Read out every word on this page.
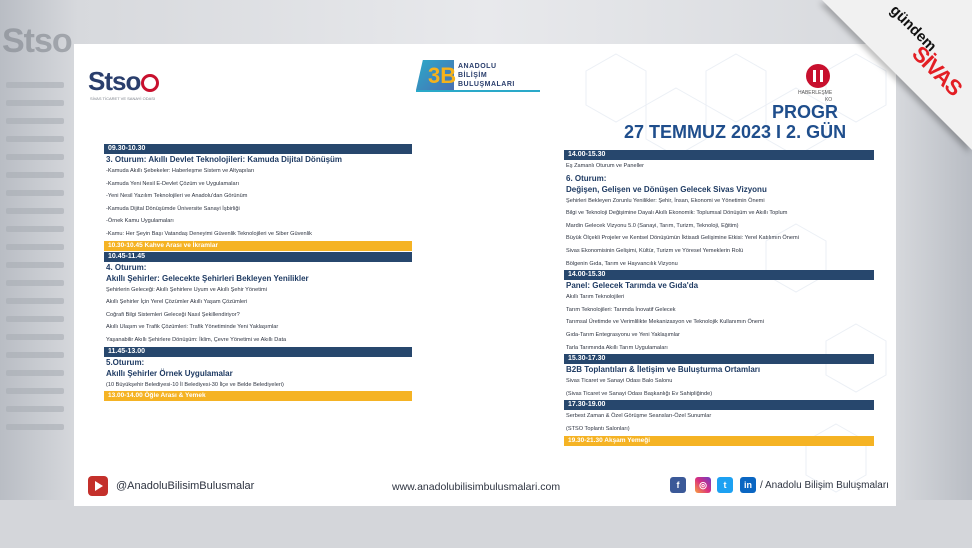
Stso
Stso
SİVAS TİCARET VE SANAYİ ODASI
3B ANADOLU
BİLİŞİM
BULUŞMALARI
HABERLEŞME
KO
PROGR
27 TEMMUZ 2023 I 2. GÜN
09.30-10.30
3. Oturum: Akıllı Devlet Teknolojileri: Kamuda Dijital Dönüşüm
-Kamuda Akıllı Şebekeler: Haberleşme Sistem ve Altyapıları
-Kamuda Yeni Nesil E-Devlet Çözüm ve Uygulamaları
-Yeni Nesil Yazılım Teknolojileri ve Anadolu'dan Görünüm
-Kamuda Dijital Dönüşümde Üniversite Sanayi İşbirliği
-Örnek Kamu Uygulamaları
-Kamu: Her Şeyin Başı Vatandaş Deneyimi Güvenlik Teknolojileri ve Siber Güvenlik
10.30-10.45 Kahve Arası ve İkramlar
10.45-11.45
4. Oturum:
Akıllı Şehirler: Gelecekte Şehirleri Bekleyen Yenilikler
Şehirlerin Geleceği: Akıllı Şehirlere Uyum ve Akıllı Şehir Yönetimi
Akıllı Şehirler İçin Yerel Çözümler Akıllı Yaşam Çözümleri
Coğrafi Bilgi Sistemleri Geleceği Nasıl Şekillendiriyor?
Akıllı Ulaşım ve Trafik Çözümleri: Trafik Yönetiminde Yeni Yaklaşımlar
Yaşanabilir Akıllı Şehirlere Dönüşüm: İklim, Çevre Yönetimi ve Akıllı Data
11.45-13.00
5.Oturum:
Akıllı Şehirler Örnek Uygulamalar
(10 Büyükşehir Belediyesi-10 İl Belediyesi-30 İlçe ve Belde Belediyeleri)
13.00-14.00 Öğle Arası & Yemek
14.00-15.30
Eş Zamanlı Oturum ve Paneller
6. Oturum:
Değişen, Gelişen ve Dönüşen Gelecek Sivas Vizyonu
Şehirleri Bekleyen Zorunlu Yenilikler: Şehir, İnsan, Ekonomi ve Yönetimin Önemi
Bilgi ve Teknoloji Değişimine Dayalı Akıllı Ekonomik: Toplumsal Dönüşüm ve Akıllı Toplum
Mardin Gelecek Vizyonu 5.0 (Sanayi, Tarım, Turizm, Teknoloji, Eğitim)
Büyük Ölçekli Projeler ve Kentsel Dönüşümün İktisadi Gelişimine Etkisi: Yerel Katılımın Önemi
Sivas Ekonomisinin Gelişimi, Kültür, Turizm ve Yöresel Yemeklerin Rolü
Bölgenin Gıda, Tarım ve Hayvancılık Vizyonu
14.00-15.30
Panel: Gelecek Tarımda ve Gıda'da
Akıllı Tarım Teknolojileri
Tarım Teknolojileri: Tarımda İnovatif Gelecek
Tarımsal Üretimde ve Verimlilikte Mekanizasyon ve Teknolojik Kullanımın Önemi
Gıda-Tarım Entegrasyonu ve Yeni Yaklaşımlar
Tarla Tarımında Akıllı Tarım Uygulamaları
15.30-17.30
B2B Toplantıları & İletişim ve Buluşturma Ortamları
Sivas Ticaret ve Sanayi Odası Balo Salonu
(Sivas Ticaret ve Sanayi Odası Başkanlığı Ev Sahipliğinde)
17.30-19.00
Serbest Zaman & Özel Görüşme Seansları-Özel Sunumlar
(STSO Toplantı Salonları)
19.30-21.30 Akşam Yemeği
@AnadoluBilisimBulusmalar	www.anadolubilisimbulusmalari.com	f	◎	t	in / Anadolu Bilişim Buluşmaları
gündem
SİVAS
